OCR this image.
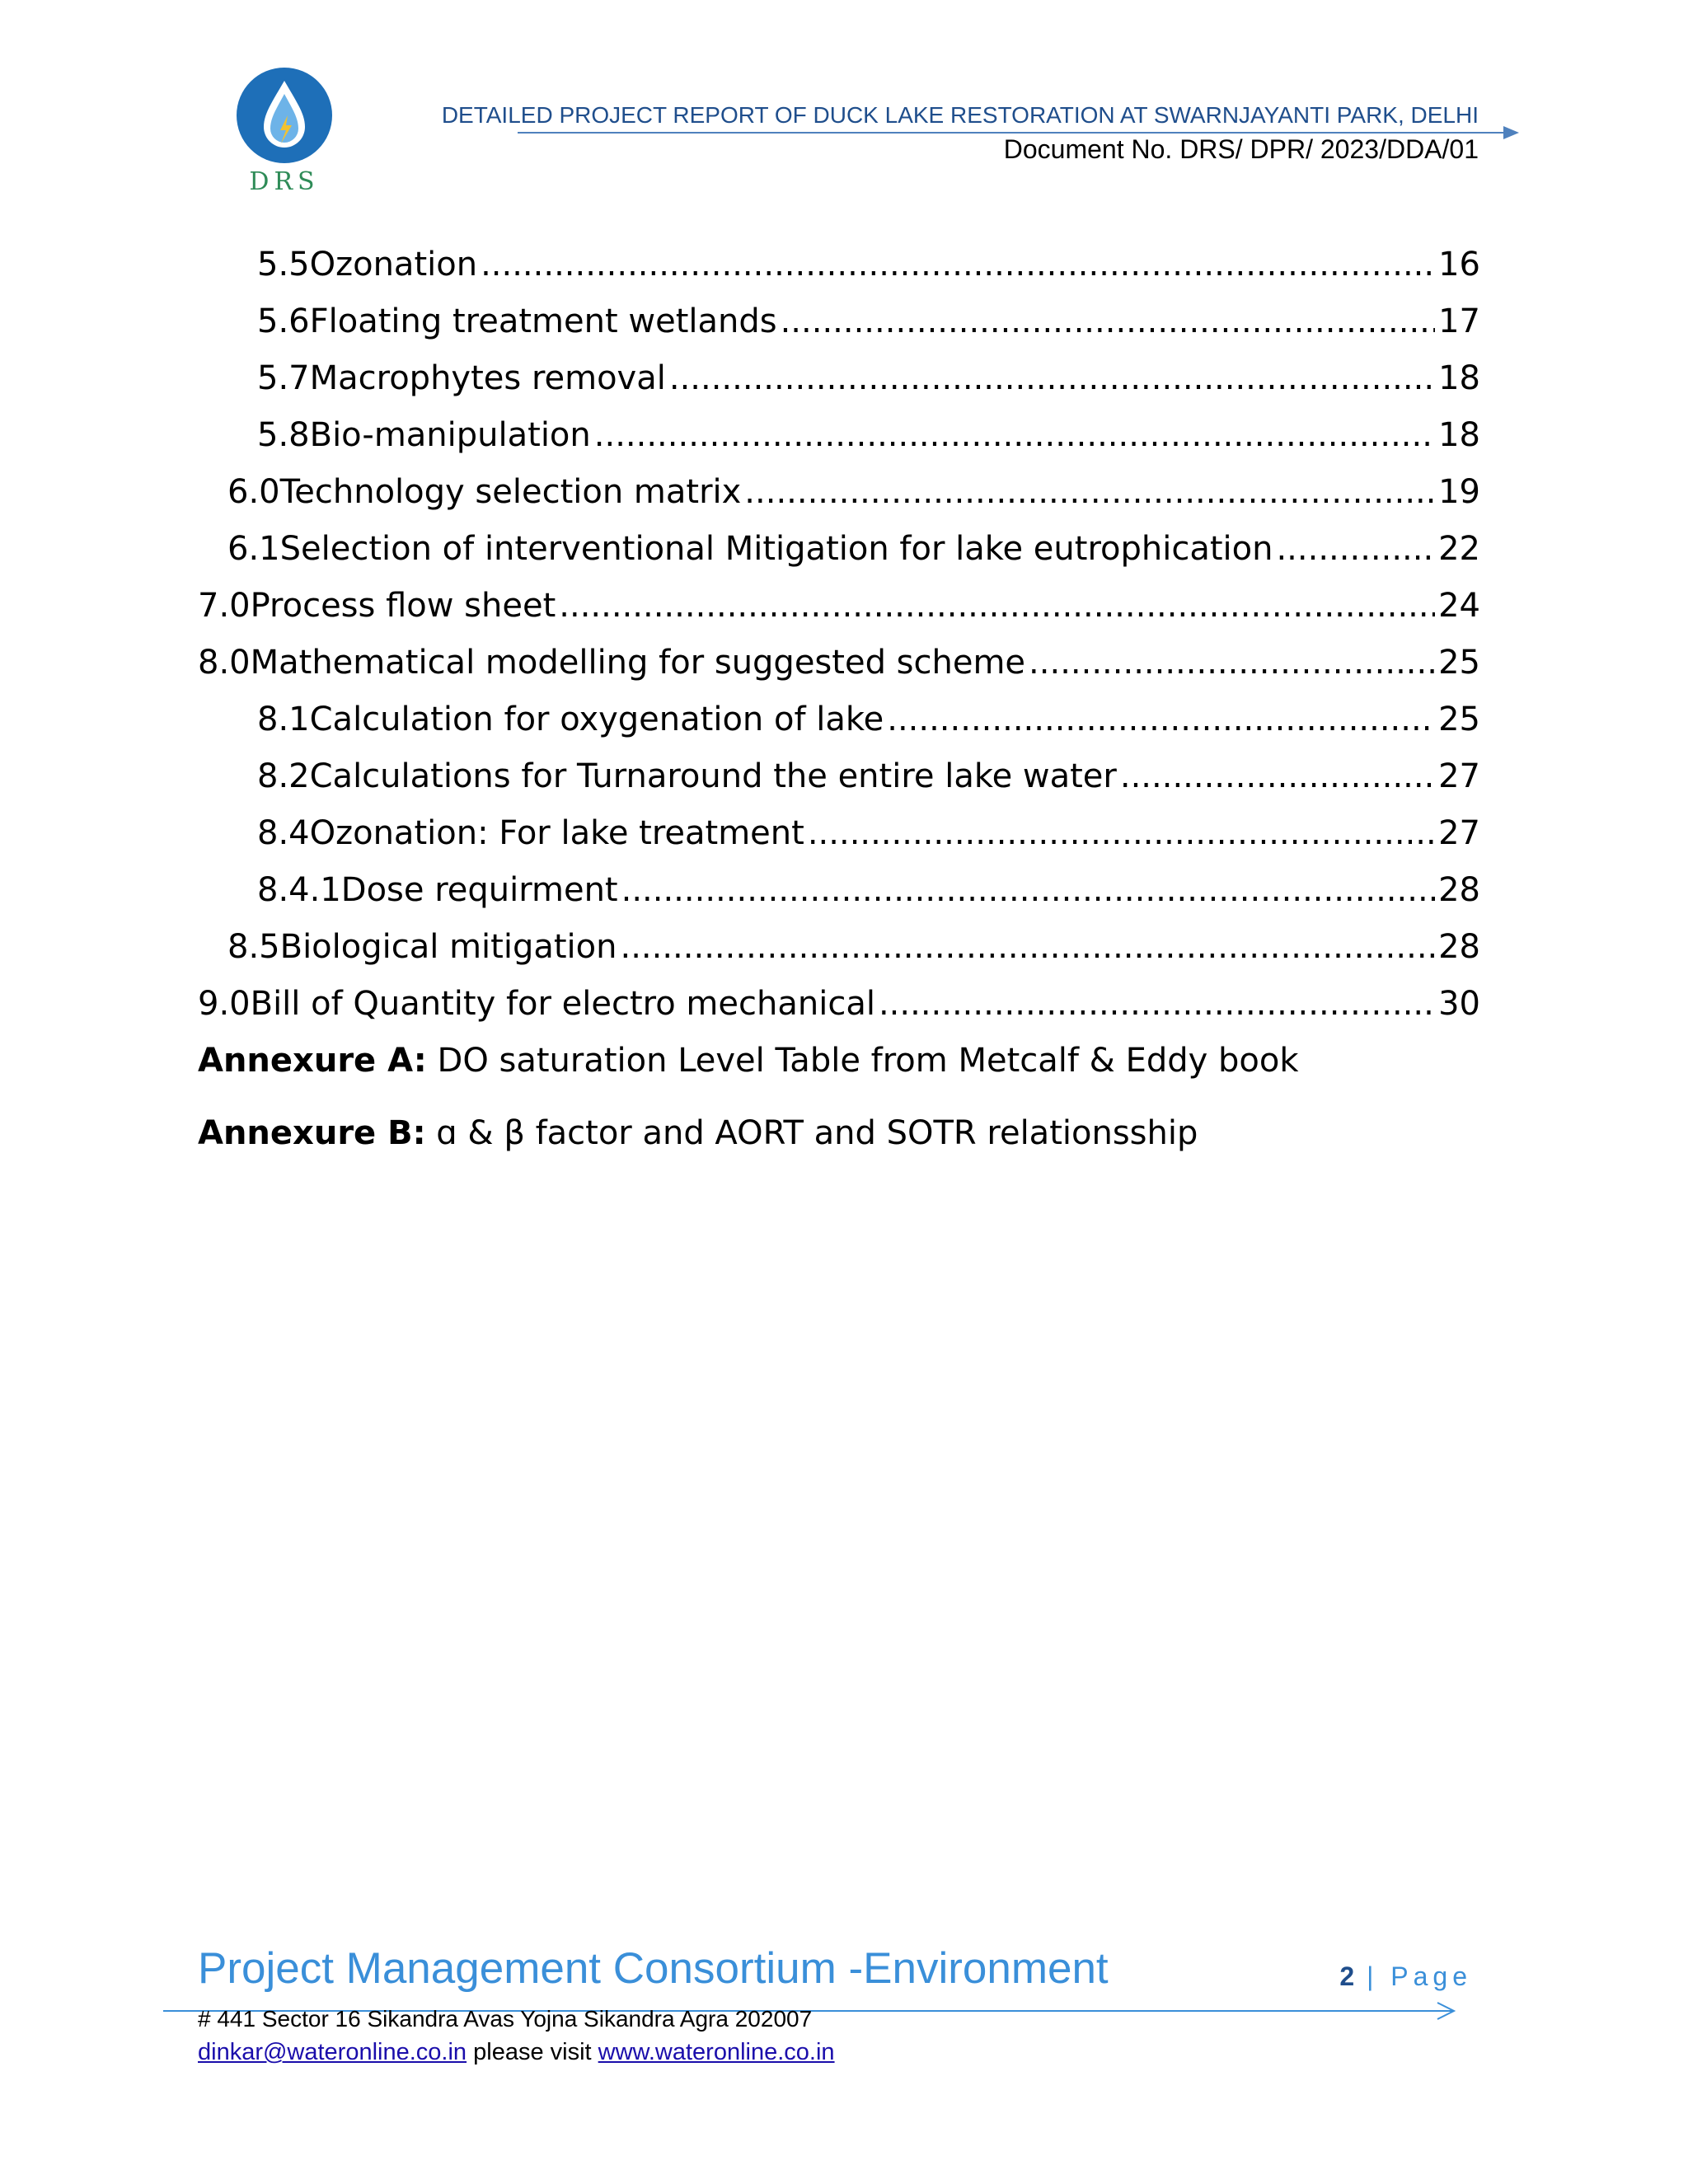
DRS
DETAILED PROJECT REPORT OF DUCK LAKE RESTORATION AT SWARNJAYANTI PARK, DELHI
Document No. DRS/ DPR/ 2023/DDA/01
5.5 Ozonation .....	16
5.6 Floating treatment wetlands .....	17
5.7 Macrophytes removal .....	18
5.8 Bio-manipulation .....	18
6.0 Technology selection matrix .....	19
6.1 Selection of interventional Mitigation for lake eutrophication .....	22
7.0 Process flow sheet .....	24
8.0 Mathematical modelling for suggested scheme .....	25
8.1 Calculation for oxygenation of lake .....	25
8.2 Calculations for Turnaround the entire lake water .....	27
8.4 Ozonation: For lake treatment .....	27
8.4.1 Dose requirment .....	28
8.5 Biological mitigation .....	28
9.0 Bill of Quantity for electro mechanical .....	30
Annexure A: DO saturation Level Table from Metcalf & Eddy book
Annexure B: ɑ & β factor and AORT and SOTR relationsship
Project Management Consortium -Environment	2 | Page
# 441 Sector 16 Sikandra Avas Yojna Sikandra Agra 202007
dinkar@wateronline.co.in please visit www.wateronline.co.in
